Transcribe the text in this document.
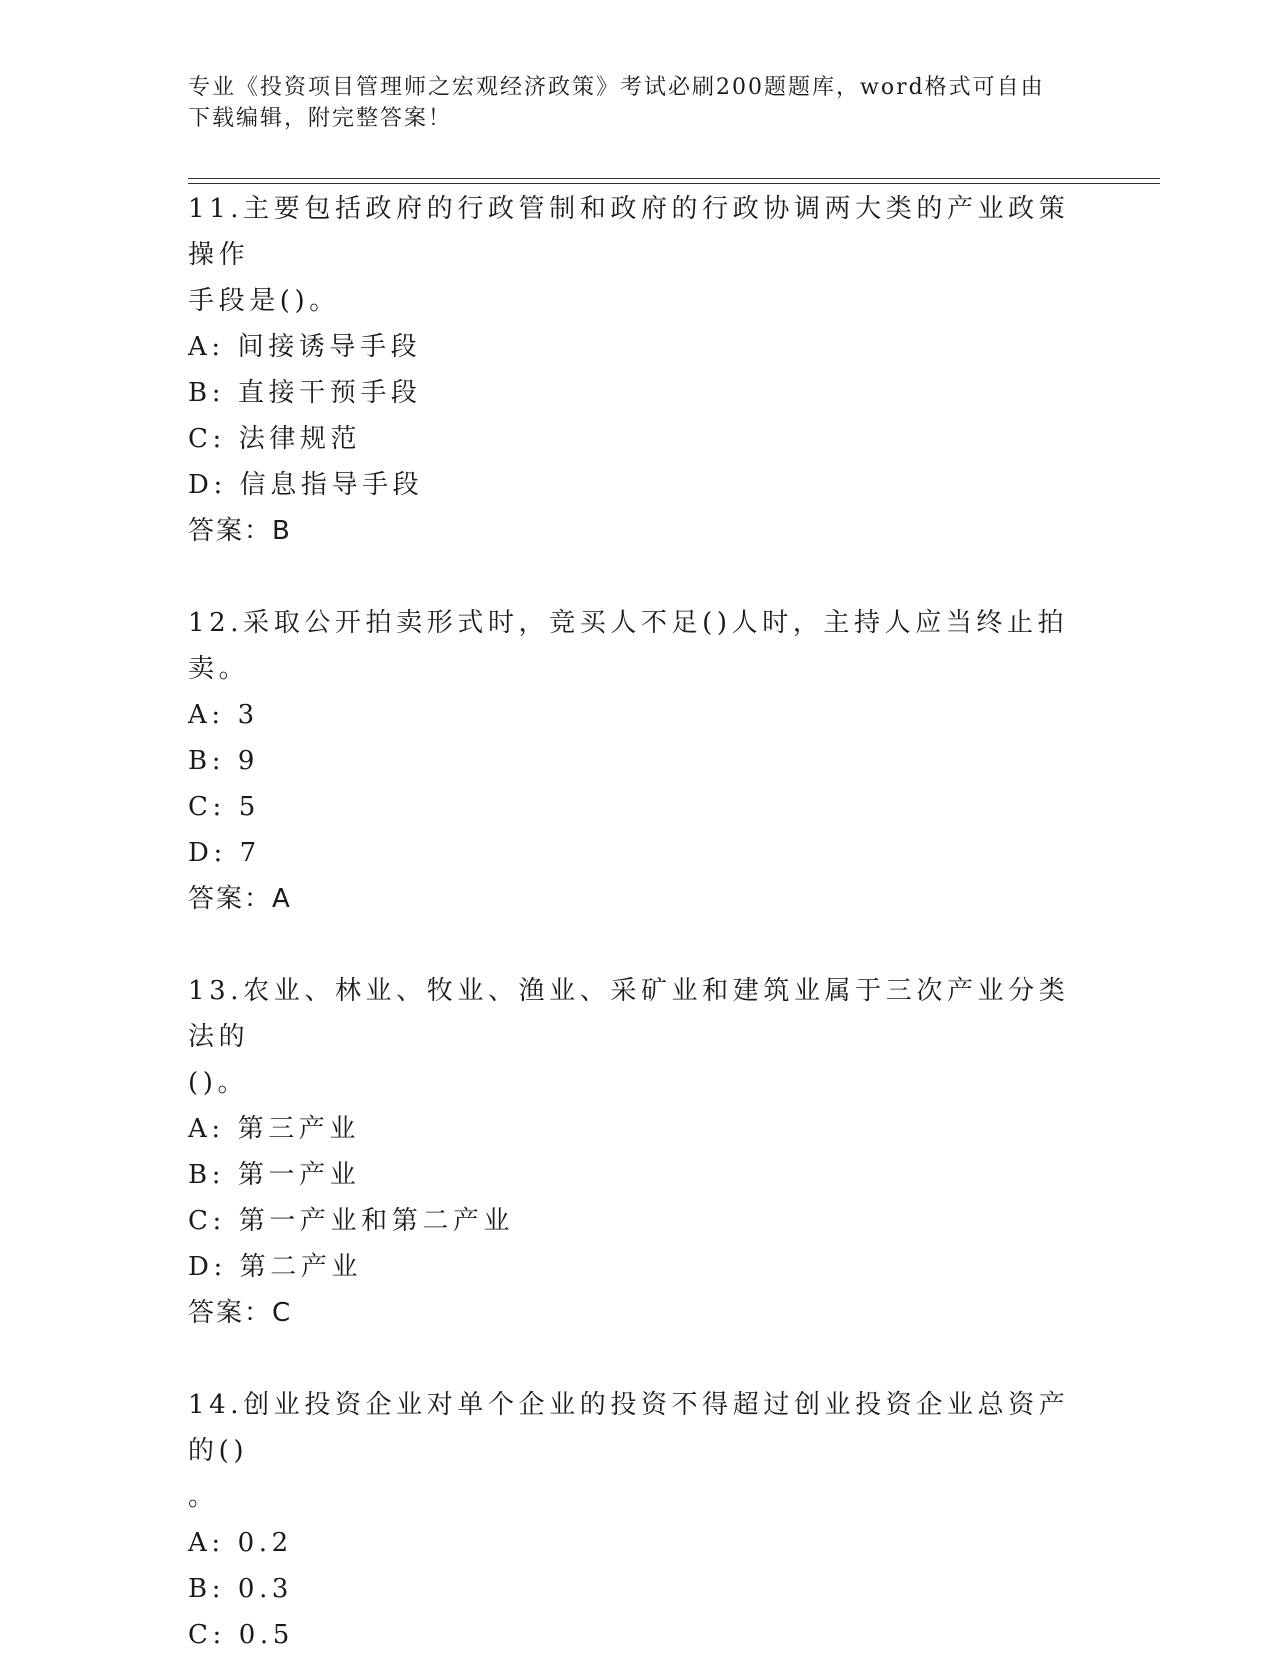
专业《投资项目管理师之宏观经济政策》考试必刷200题题库，word格式可自由
下载编辑，附完整答案！

11.主要包括政府的行政管制和政府的行政协调两大类的产业政策操作

手段是()。

A: 间接诱导手段

B: 直接干预手段

C: 法律规范

D: 信息指导手段

答案：B

12.采取公开拍卖形式时，竞买人不足()人时，主持人应当终止拍卖。

A: 3

B: 9

C: 5

D: 7

答案：A

13.农业、林业、牧业、渔业、采矿业和建筑业属于三次产业分类法的

()。

A: 第三产业

B: 第一产业

C: 第一产业和第二产业

D: 第二产业

答案：C

14.创业投资企业对单个企业的投资不得超过创业投资企业总资产的()

。

A: 0.2

B: 0.3

C: 0.5
